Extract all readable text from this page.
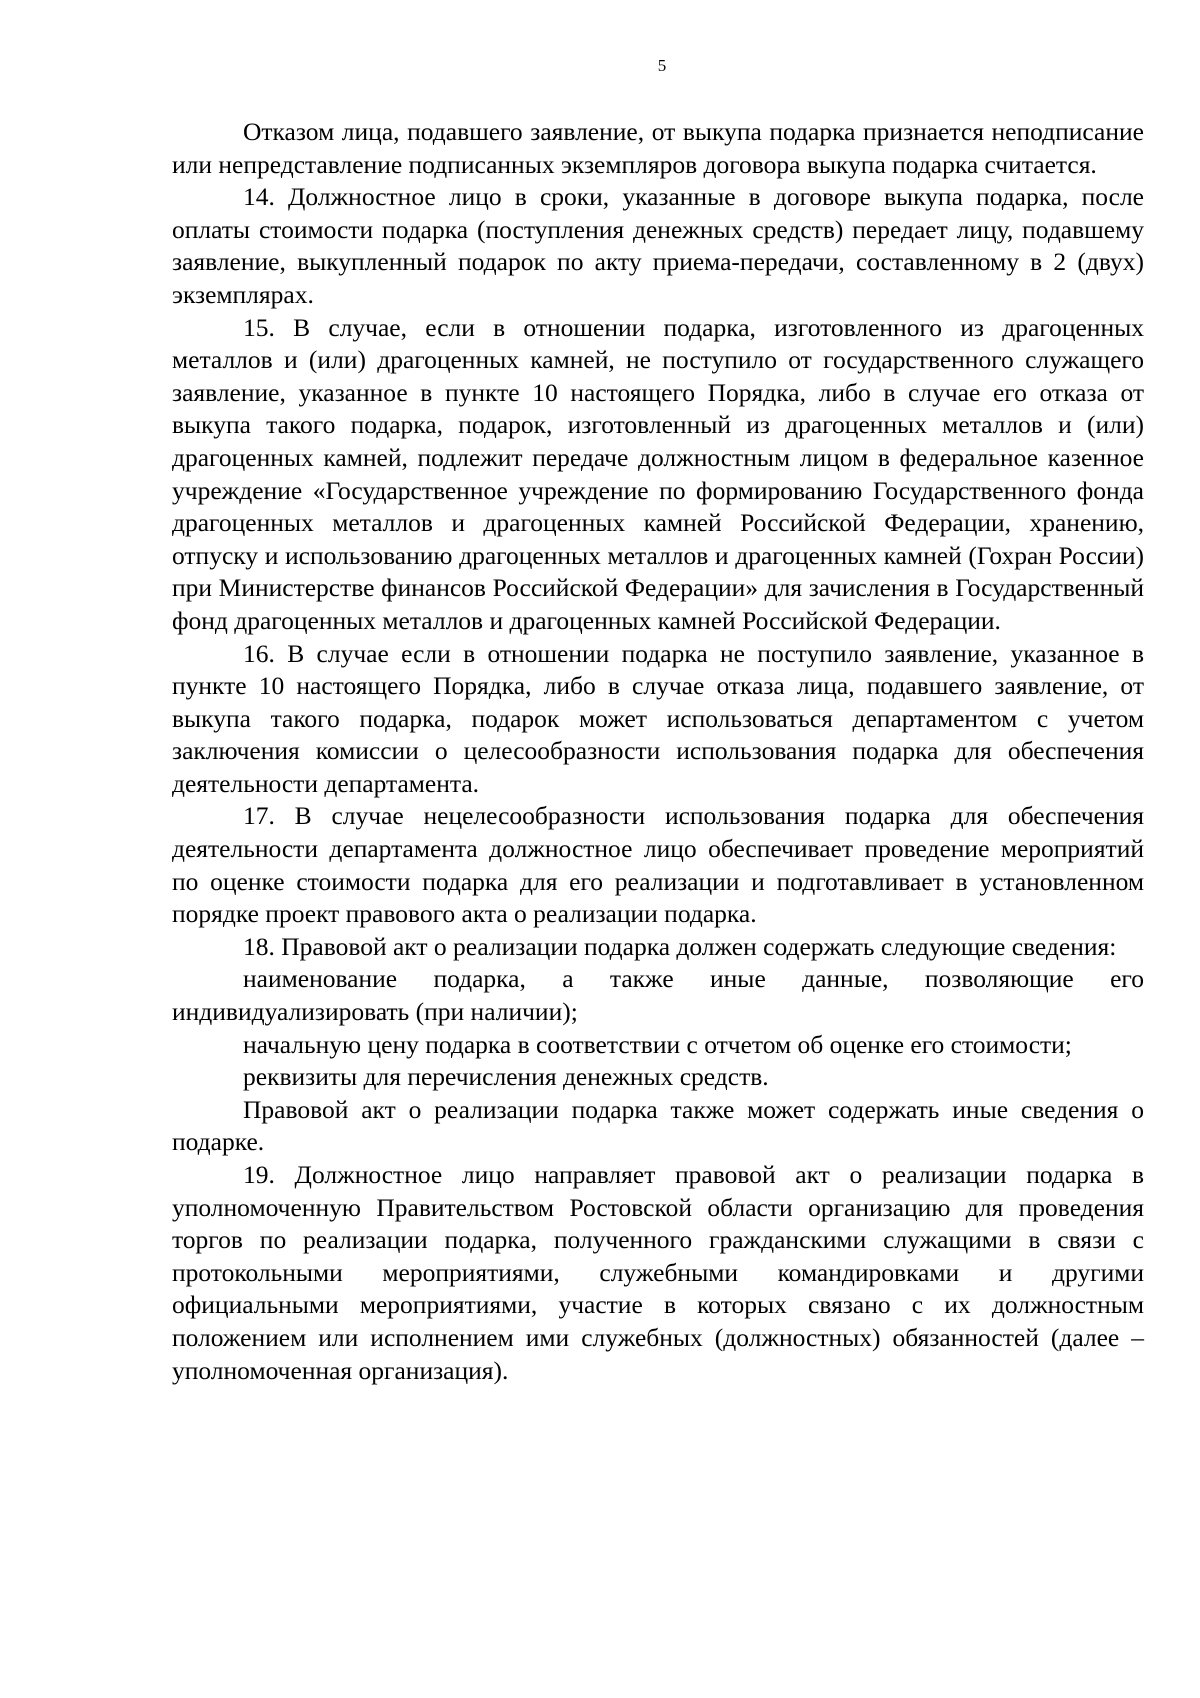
5

Отказом лица, подавшего заявление, от выкупа подарка признается неподписание или непредставление подписанных экземпляров договора выкупа подарка считается.

14. Должностное лицо в сроки, указанные в договоре выкупа подарка, после оплаты стоимости подарка (поступления денежных средств) передает лицу, подавшему заявление, выкупленный подарок по акту приема-передачи, составленному в 2 (двух) экземплярах.

15. В случае, если в отношении подарка, изготовленного из драгоценных металлов и (или) драгоценных камней, не поступило от государственного служащего заявление, указанное в пункте 10 настоящего Порядка, либо в случае его отказа от выкупа такого подарка, подарок, изготовленный из драгоценных металлов и (или) драгоценных камней, подлежит передаче должностным лицом в федеральное казенное учреждение «Государственное учреждение по формированию Государственного фонда драгоценных металлов и драгоценных камней Российской Федерации, хранению, отпуску и использованию драгоценных металлов и драгоценных камней (Гохран России) при Министерстве финансов Российской Федерации» для зачисления в Государственный фонд драгоценных металлов и драгоценных камней Российской Федерации.

16. В случае если в отношении подарка не поступило заявление, указанное в пункте 10 настоящего Порядка, либо в случае отказа лица, подавшего заявление, от выкупа такого подарка, подарок может использоваться департаментом с учетом заключения комиссии о целесообразности использования подарка для обеспечения деятельности департамента.

17. В случае нецелесообразности использования подарка для обеспечения деятельности департамента должностное лицо обеспечивает проведение мероприятий по оценке стоимости подарка для его реализации и подготавливает в установленном порядке проект правового акта о реализации подарка.

18. Правовой акт о реализации подарка должен содержать следующие сведения:

наименование подарка, а также иные данные, позволяющие его индивидуализировать (при наличии);

начальную цену подарка в соответствии с отчетом об оценке его стоимости;

реквизиты для перечисления денежных средств.

Правовой акт о реализации подарка также может содержать иные сведения о подарке.

19. Должностное лицо направляет правовой акт о реализации подарка в уполномоченную Правительством Ростовской области организацию для проведения торгов по реализации подарка, полученного гражданскими служащими в связи с протокольными мероприятиями, служебными командировками и другими официальными мероприятиями, участие в которых связано с их должностным положением или исполнением ими служебных (должностных) обязанностей (далее – уполномоченная организация).
